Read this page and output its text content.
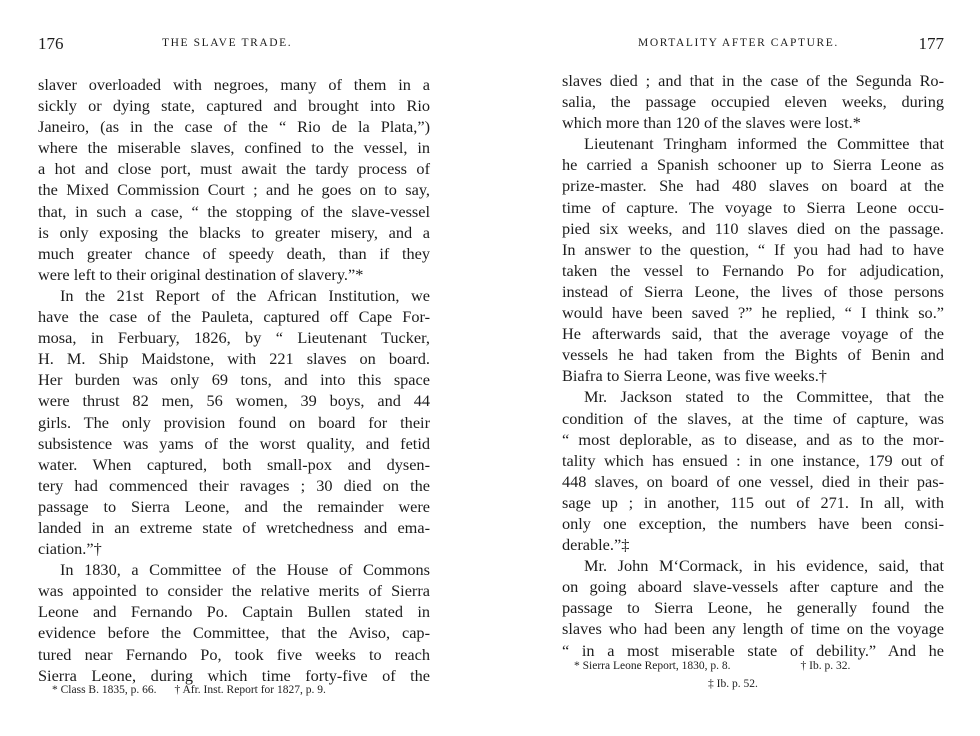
176	THE SLAVE TRADE.
slaver overloaded with negroes, many of them in a
sickly or dying state, captured and brought into Rio
Janeiro, (as in the case of the “ Rio de la Plata,”)
where the miserable slaves, confined to the vessel, in
a hot and close port, must await the tardy process of
the Mixed Commission Court ; and he goes on to say,
that, in such a case, “ the stopping of the slave-vessel
is only exposing the blacks to greater misery, and a
much greater chance of speedy death, than if they
were left to their original destination of slavery.”*
In the 21st Report of the African Institution, we
have the case of the Pauleta, captured off Cape For-
mosa, in Ferbuary, 1826, by “ Lieutenant Tucker,
H. M. Ship Maidstone, with 221 slaves on board.
Her burden was only 69 tons, and into this space
were thrust 82 men, 56 women, 39 boys, and 44
girls. The only provision found on board for their
subsistence was yams of the worst quality, and fetid
water. When captured, both small-pox and dysen-
tery had commenced their ravages ; 30 died on the
passage to Sierra Leone, and the remainder were
landed in an extreme state of wretchedness and ema-
ciation.”†
In 1830, a Committee of the House of Commons
was appointed to consider the relative merits of Sierra
Leone and Fernando Po. Captain Bullen stated in
evidence before the Committee, that the Aviso, cap-
tured near Fernando Po, took five weeks to reach
Sierra Leone, during which time forty-five of the
* Class B. 1835, p. 66. † Afr. Inst. Report for 1827, p. 9.
MORTALITY AFTER CAPTURE.	177
slaves died ; and that in the case of the Segunda Ro-
salia, the passage occupied eleven weeks, during
which more than 120 of the slaves were lost.*
Lieutenant Tringham informed the Committee that
he carried a Spanish schooner up to Sierra Leone as
prize-master. She had 480 slaves on board at the
time of capture. The voyage to Sierra Leone occu-
pied six weeks, and 110 slaves died on the passage.
In answer to the question, “ If you had had to have
taken the vessel to Fernando Po for adjudication,
instead of Sierra Leone, the lives of those persons
would have been saved ?” he replied, “ I think so.”
He afterwards said, that the average voyage of the
vessels he had taken from the Bights of Benin and
Biafra to Sierra Leone, was five weeks.†
Mr. Jackson stated to the Committee, that the
condition of the slaves, at the time of capture, was
“ most deplorable, as to disease, and as to the mor-
tality which has ensued : in one instance, 179 out of
448 slaves, on board of one vessel, died in their pas-
sage up ; in another, 115 out of 271. In all, with
only one exception, the numbers have been consi-
derable.”‡
Mr. John M‘Cormack, in his evidence, said, that
on going aboard slave-vessels after capture and the
passage to Sierra Leone, he generally found the
slaves who had been any length of time on the voyage
“ in a most miserable state of debility.” And he
* Sierra Leone Report, 1830, p. 8.	† Ib. p. 32.
‡ Ib. p. 52.
